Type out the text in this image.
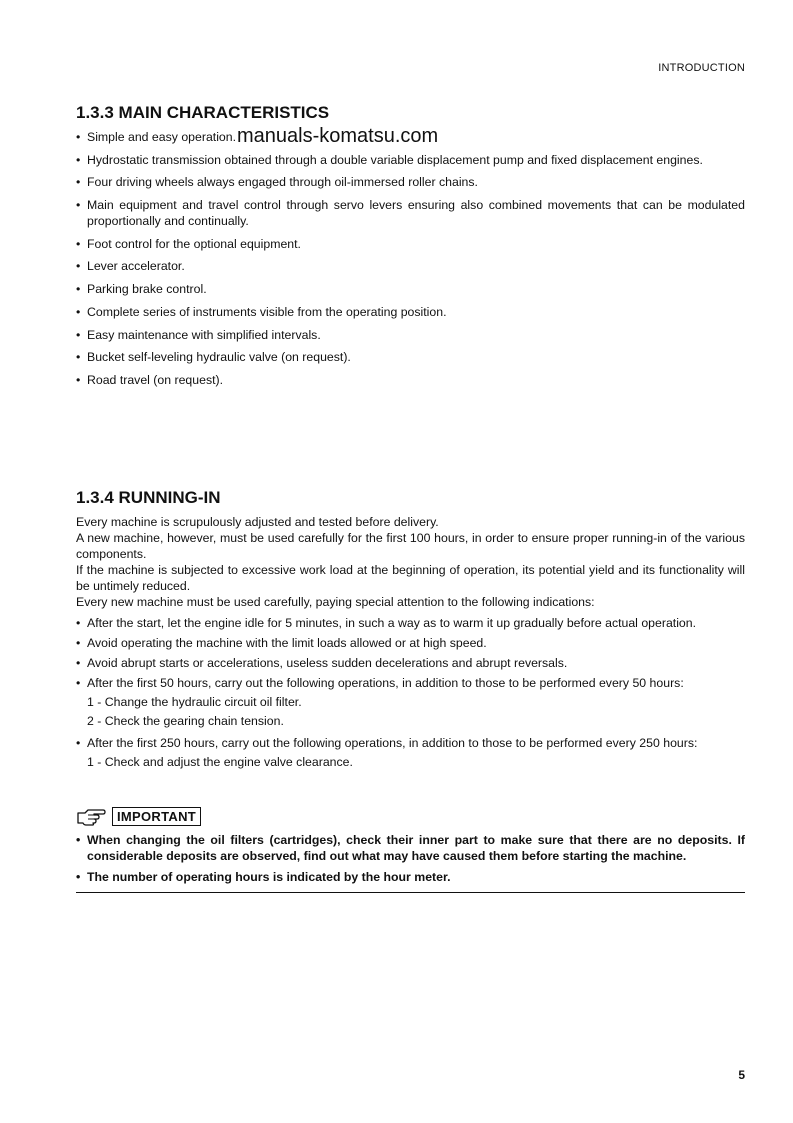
INTRODUCTION
1.3.3 MAIN CHARACTERISTICS
• Simple and easy operation.
• Hydrostatic transmission obtained through a double variable displacement pump and fixed displacement engines.
• Four driving wheels always engaged through oil-immersed roller chains.
• Main equipment and travel control through servo levers ensuring also combined movements that can be modulated proportionally and continually.
• Foot control for the optional equipment.
• Lever accelerator.
• Parking brake control.
• Complete series of instruments visible from the operating position.
• Easy maintenance with simplified intervals.
• Bucket self-leveling hydraulic valve (on request).
• Road travel (on request).
manuals-komatsu.com
1.3.4 RUNNING-IN

Every machine is scrupulously adjusted and tested before delivery.

A new machine, however, must be used carefully for the first 100 hours, in order to ensure proper running-in of the various components.

If the machine is subjected to excessive work load at the beginning of operation, its potential yield and its functionality will be untimely reduced.

Every new machine must be used carefully, paying special attention to the following indications:

• After the start, let the engine idle for 5 minutes, in such a way as to warm it up gradually before actual operation.
• Avoid operating the machine with the limit loads allowed or at high speed.
• Avoid abrupt starts or accelerations, useless sudden decelerations and abrupt reversals.
• After the first 50 hours, carry out the following operations, in addition to those to be performed every 50 hours:
1 - Change the hydraulic circuit oil filter.
2 - Check the gearing chain tension.
• After the first 250 hours, carry out the following operations, in addition to those to be performed every 250 hours:
1 - Check and adjust the engine valve clearance.
IMPORTANT
• When changing the oil filters (cartridges), check their inner part to make sure that there are no deposits. If considerable deposits are observed, find out what may have caused them before starting the machine.
• The number of operating hours is indicated by the hour meter.
5
